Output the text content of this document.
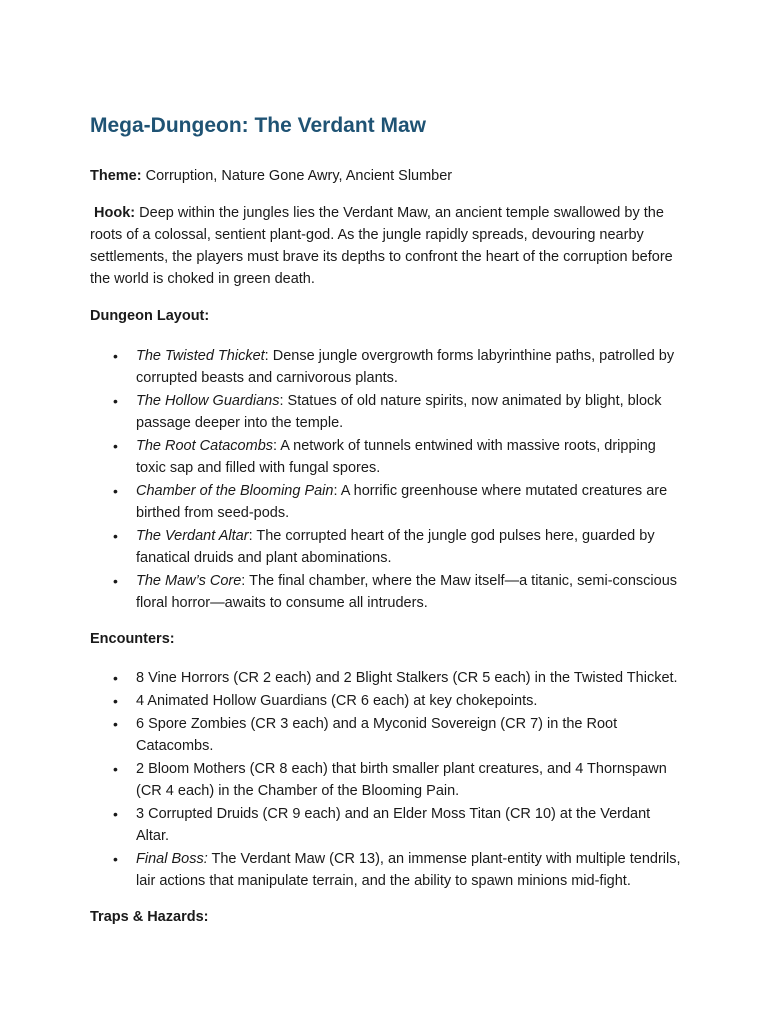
Mega-Dungeon: The Verdant Maw

Theme: Corruption, Nature Gone Awry, Ancient Slumber

Hook: Deep within the jungles lies the Verdant Maw, an ancient temple swallowed by the roots of a colossal, sentient plant-god. As the jungle rapidly spreads, devouring nearby settlements, the players must brave its depths to confront the heart of the corruption before the world is choked in green death.

Dungeon Layout:
• The Twisted Thicket: Dense jungle overgrowth forms labyrinthine paths, patrolled by corrupted beasts and carnivorous plants.
• The Hollow Guardians: Statues of old nature spirits, now animated by blight, block passage deeper into the temple.
• The Root Catacombs: A network of tunnels entwined with massive roots, dripping toxic sap and filled with fungal spores.
• Chamber of the Blooming Pain: A horrific greenhouse where mutated creatures are birthed from seed-pods.
• The Verdant Altar: The corrupted heart of the jungle god pulses here, guarded by fanatical druids and plant abominations.
• The Maw’s Core: The final chamber, where the Maw itself—a titanic, semi-conscious floral horror—awaits to consume all intruders.
Encounters:
• 8 Vine Horrors (CR 2 each) and 2 Blight Stalkers (CR 5 each) in the Twisted Thicket.
• 4 Animated Hollow Guardians (CR 6 each) at key chokepoints.
• 6 Spore Zombies (CR 3 each) and a Myconid Sovereign (CR 7) in the Root Catacombs.
• 2 Bloom Mothers (CR 8 each) that birth smaller plant creatures, and 4 Thornspawn (CR 4 each) in the Chamber of the Blooming Pain.
• 3 Corrupted Druids (CR 9 each) and an Elder Moss Titan (CR 10) at the Verdant Altar.
• Final Boss: The Verdant Maw (CR 13), an immense plant-entity with multiple tendrils, lair actions that manipulate terrain, and the ability to spawn minions mid-fight.
Traps & Hazards:
